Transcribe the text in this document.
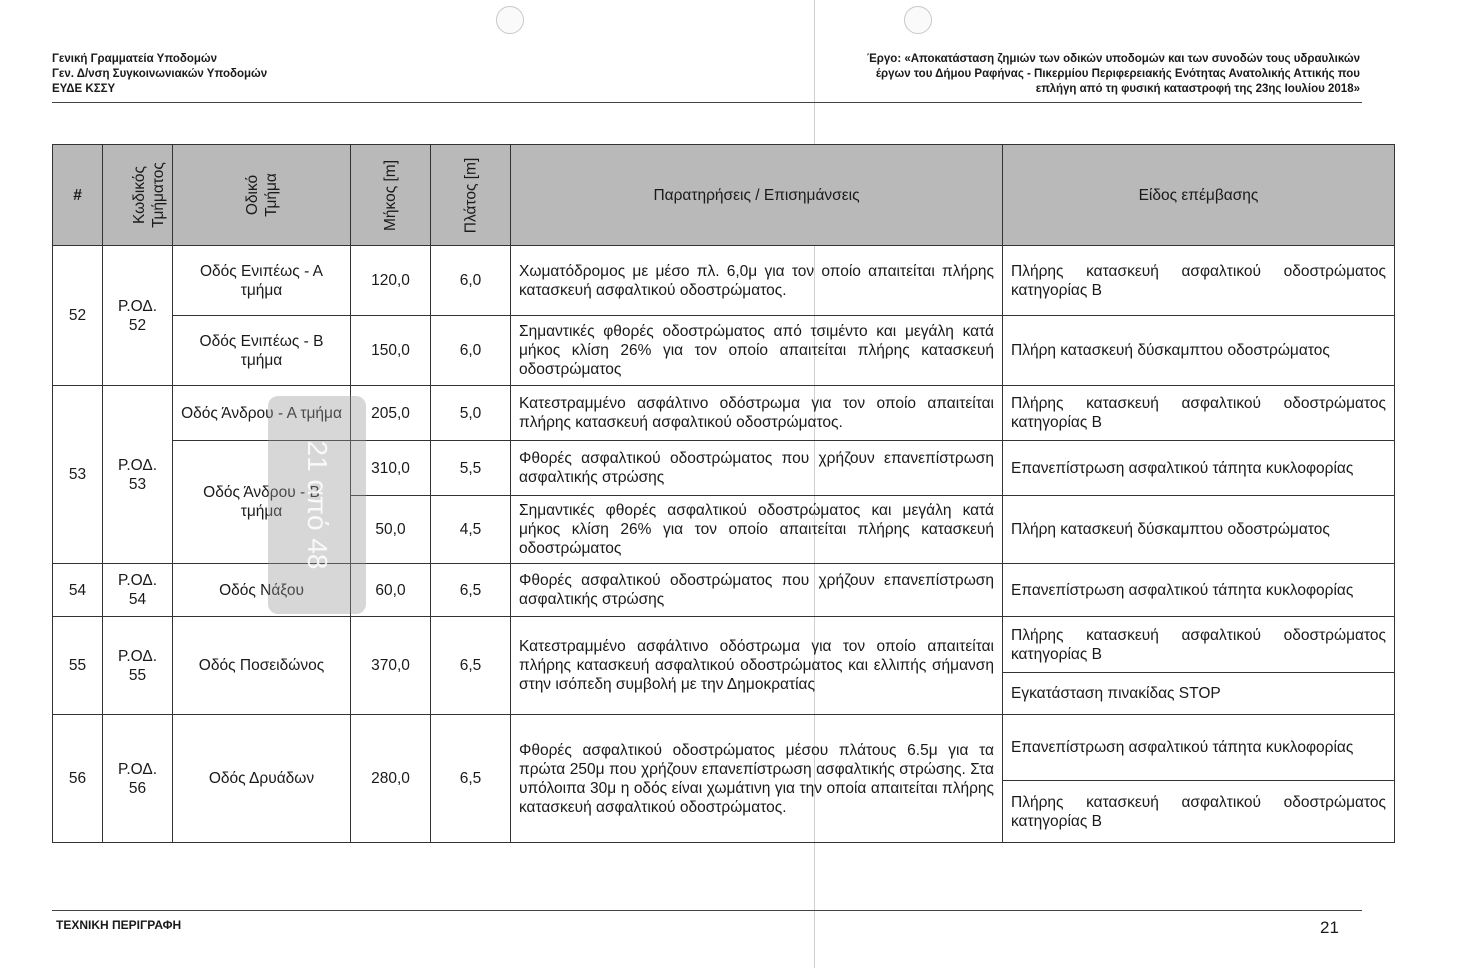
Γενική Γραμματεία Υποδομών
Γεν. Δ/νση Συγκοινωνιακών Υποδομών
ΕΥΔΕ ΚΣΣΥ
Έργο: «Αποκατάσταση ζημιών των οδικών υποδομών και των συνοδών τους υδραυλικών
έργων του Δήμου Ραφήνας - Πικερμίου Περιφερειακής Ενότητας Ανατολικής Αττικής που
επλήγη από τη φυσική καταστροφή της 23ης Ιουλίου 2018»
#	Κωδικός Τμήματος	Οδικό Τμήμα	Μήκος [m]	Πλάτος [m]	Παρατηρήσεις / Επισημάνσεις	Είδος επέμβασης
52	Ρ.ΟΔ. 52	Οδός Ενιπέως - Α τμήμα	120,0	6,0	Χωματόδρομος με μέσο πλ. 6,0μ για τον οποίο απαιτείται πλήρης κατασκευή ασφαλτικού οδοστρώματος.	Πλήρης κατασκευή ασφαλτικού οδοστρώματος κατηγορίας Β
		Οδός Ενιπέως - Β τμήμα	150,0	6,0	Σημαντικές φθορές οδοστρώματος από τσιμέντο και μεγάλη κατά μήκος κλίση 26% για τον οποίο απαιτείται πλήρης κατασκευή οδοστρώματος	Πλήρη κατασκευή δύσκαμπτου οδοστρώματος
53	Ρ.ΟΔ. 53	Οδός Άνδρου - Α τμήμα	205,0	5,0	Κατεστραμμένο ασφάλτινο οδόστρωμα για τον οποίο απαιτείται πλήρης κατασκευή ασφαλτικού οδοστρώματος.	Πλήρης κατασκευή ασφαλτικού οδοστρώματος κατηγορίας Β
		Οδός Άνδρου - Β τμήμα	310,0	5,5	Φθορές ασφαλτικού οδοστρώματος που χρήζουν επανεπίστρωση ασφαλτικής στρώσης	Επανεπίστρωση ασφαλτικού τάπητα κυκλοφορίας
			50,0	4,5	Σημαντικές φθορές ασφαλτικού οδοστρώματος και μεγάλη κατά μήκος κλίση 26% για τον οποίο απαιτείται πλήρης κατασκευή οδοστρώματος	Πλήρη κατασκευή δύσκαμπτου οδοστρώματος
54	Ρ.ΟΔ. 54	Οδός Νάξου	60,0	6,5	Φθορές ασφαλτικού οδοστρώματος που χρήζουν επανεπίστρωση ασφαλτικής στρώσης	Επανεπίστρωση ασφαλτικού τάπητα κυκλοφορίας
55	Ρ.ΟΔ. 55	Οδός Ποσειδώνος	370,0	6,5	Κατεστραμμένο ασφάλτινο οδόστρωμα για τον οποίο απαιτείται πλήρης κατασκευή ασφαλτικού οδοστρώματος και ελλιπής σήμανση στην ισόπεδη συμβολή με την Δημοκρατίας	Πλήρης κατασκευή ασφαλτικού οδοστρώματος κατηγορίας Β
						Εγκατάσταση πινακίδας STOP
56	Ρ.ΟΔ. 56	Οδός Δρυάδων	280,0	6,5	Φθορές ασφαλτικού οδοστρώματος μέσου πλάτους 6.5μ για τα πρώτα 250μ που χρήζουν επανεπίστρωση ασφαλτικής στρώσης. Στα υπόλοιπα 30μ η οδός είναι χωμάτινη για την οποία απαιτείται πλήρης κατασκευή ασφαλτικού οδοστρώματος.	Επανεπίστρωση ασφαλτικού τάπητα κυκλοφορίας
						Πλήρης κατασκευή ασφαλτικού οδοστρώματος κατηγορίας Β
21 από 48
ΤΕΧΝΙΚΗ ΠΕΡΙΓΡΑΦΗ	21
